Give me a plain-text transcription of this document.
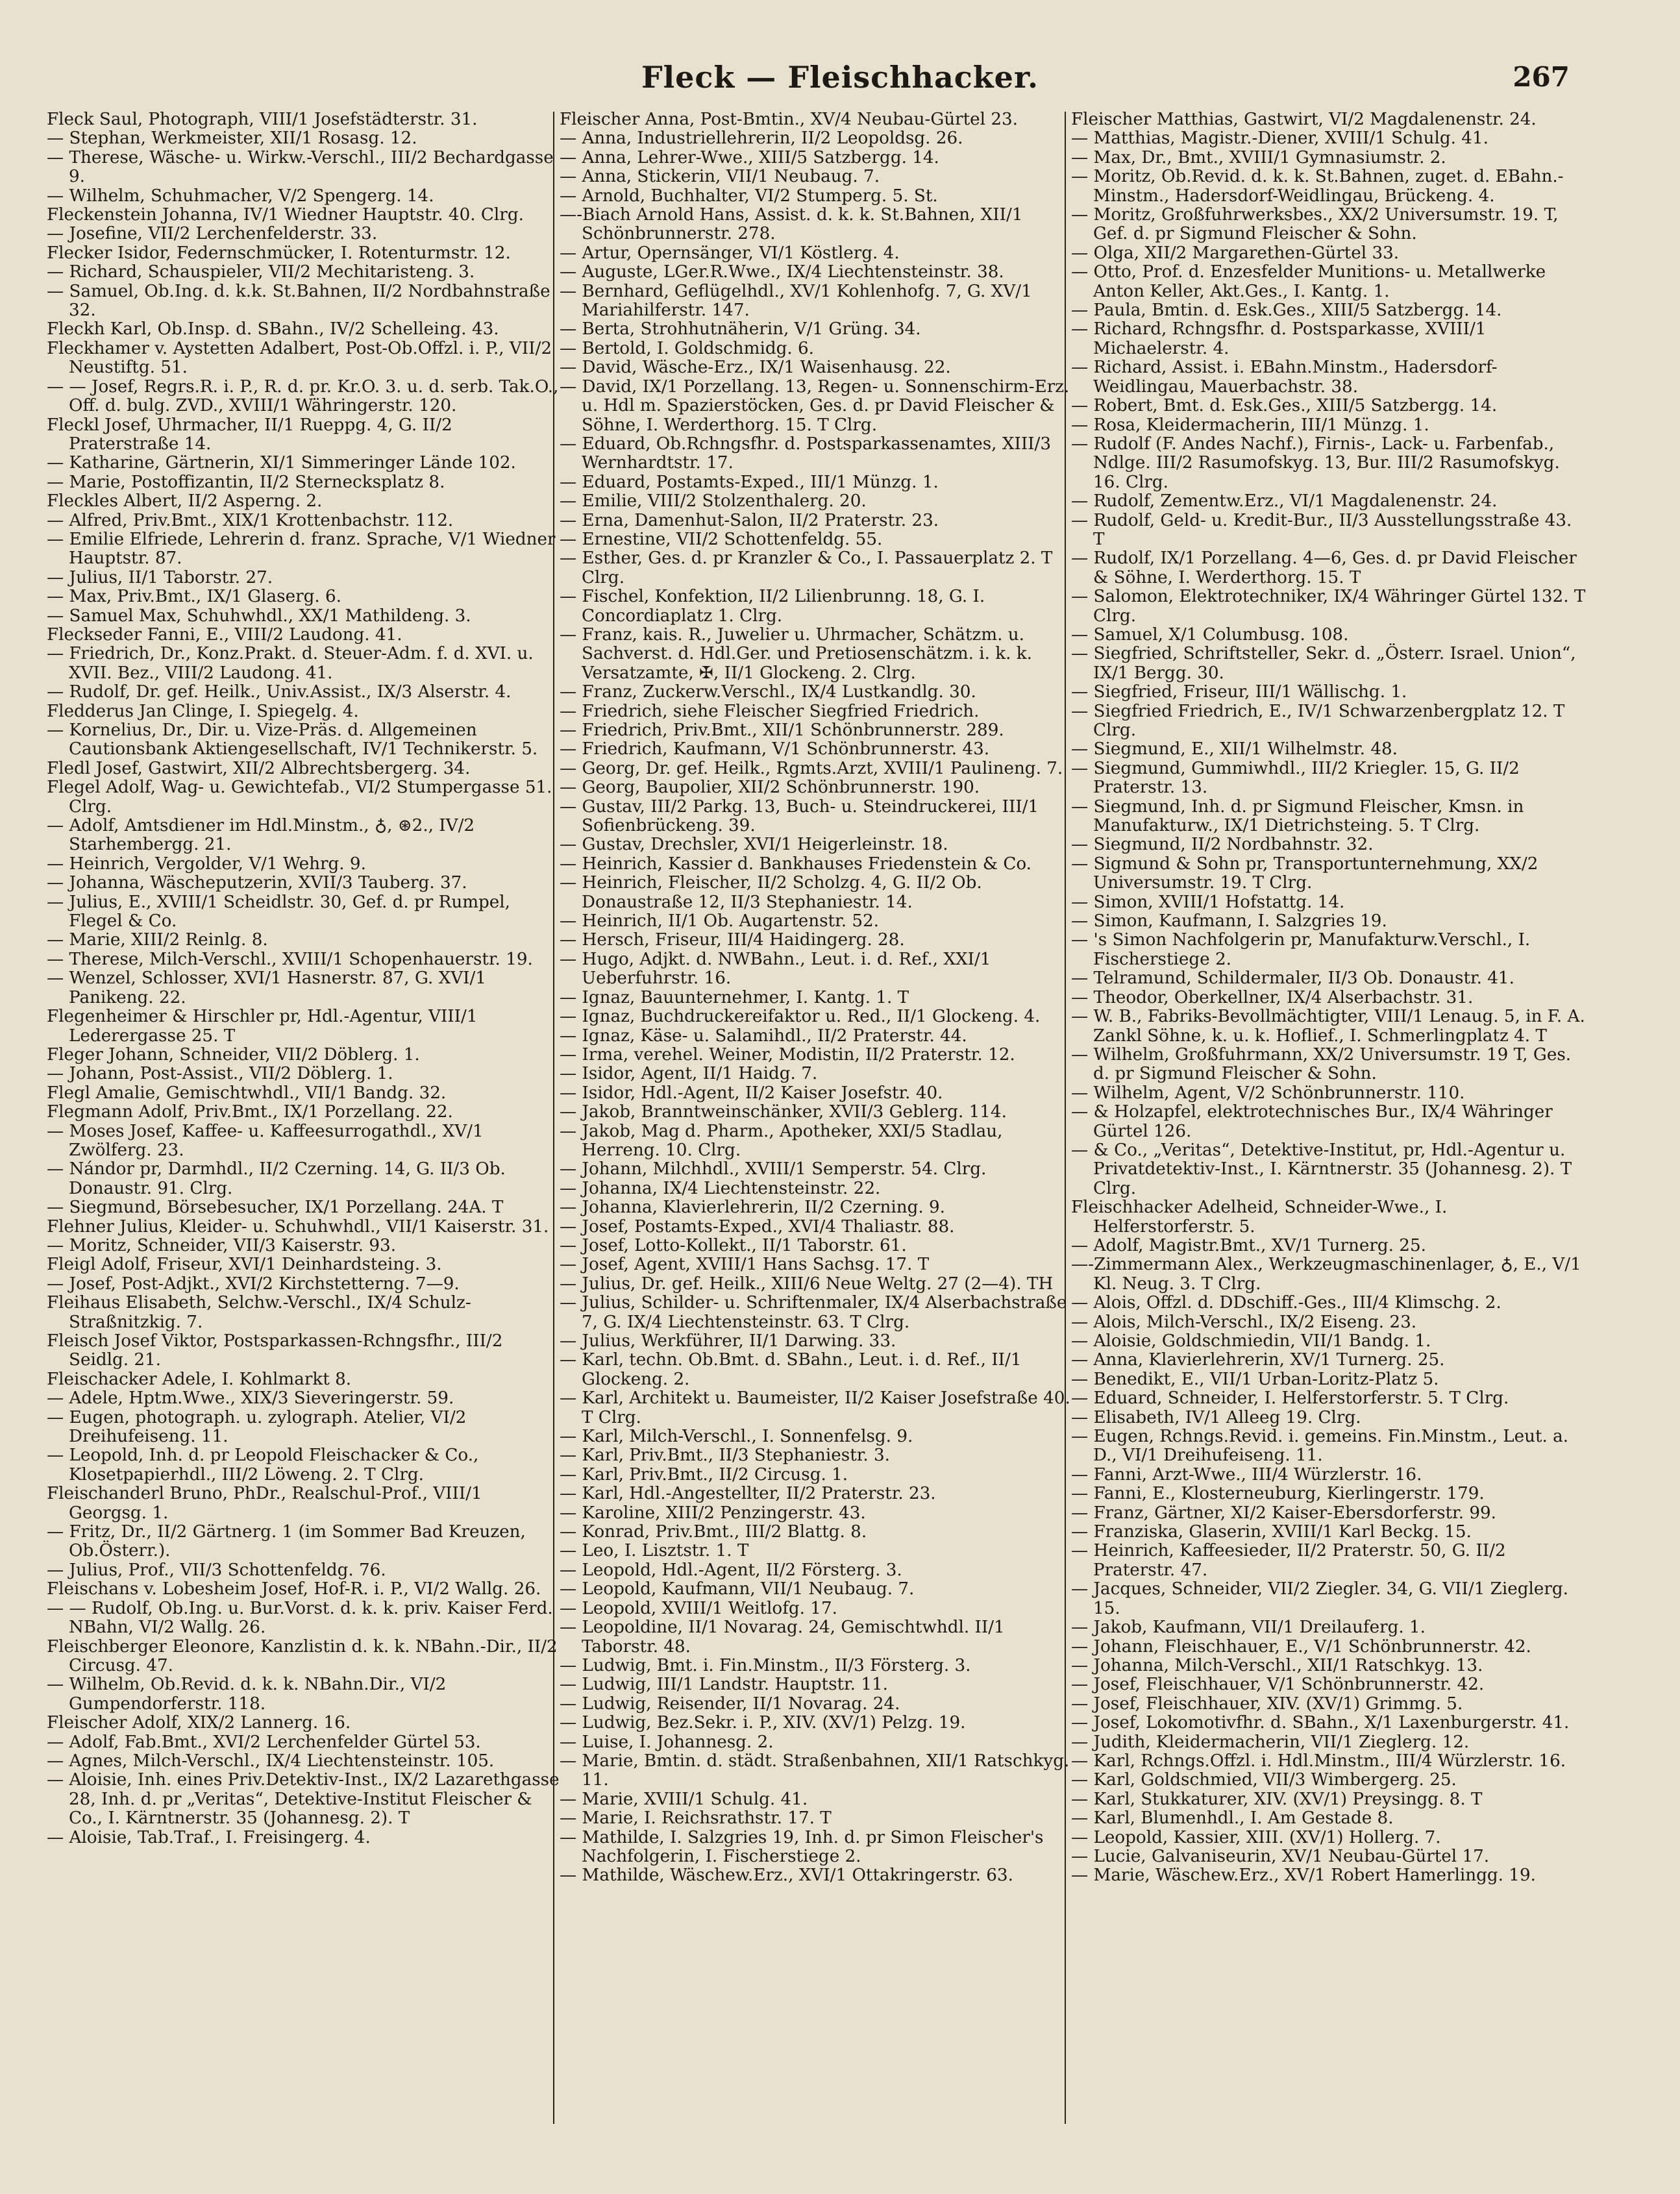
Fleck — Fleischhacker.	267
Fleck Saul, Photograph, VIII/1 Josefstädterstr. 31.
— Stephan, Werkmeister, XII/1 Rosasg. 12.
— Therese, Wäsche- u. Wirkw.-Verschl., III/2 Bechardgasse 9.
— Wilhelm, Schuhmacher, V/2 Spengerg. 14.
Fleckenstein Johanna, IV/1 Wiedner Hauptstr. 40. Clrg.
— Josefine, VII/2 Lerchenfelderstr. 33.
Flecker Isidor, Federnschmücker, I. Rotenturmstr. 12.
— Richard, Schauspieler, VII/2 Mechitaristeng. 3.
— Samuel, Ob.Ing. d. k.k. St.Bahnen, II/2 Nordbahnstraße 32.
Fleckh Karl, Ob.Insp. d. SBahn., IV/2 Schelleing. 43.
Fleckhamer v. Aystetten Adalbert, Post-Ob.Offzl. i. P., VII/2 Neustiftg. 51.
— — Josef, Regrs.R. i. P., R. d. pr. Kr.O. 3. u. d. serb. Tak.O., Off. d. bulg. ZVD., XVIII/1 Währingerstr. 120.
Fleckl Josef, Uhrmacher, II/1 Rueppg. 4, G. II/2 Praterstraße 14.
— Katharine, Gärtnerin, XI/1 Simmeringer Lände 102.
— Marie, Postoffizantin, II/2 Sternecksplatz 8.
Fleckles Albert, II/2 Asperng. 2.
— Alfred, Priv.Bmt., XIX/1 Krottenbachstr. 112.
— Emilie Elfriede, Lehrerin d. franz. Sprache, V/1 Wiedner Hauptstr. 87.
— Julius, II/1 Taborstr. 27.
— Max, Priv.Bmt., IX/1 Glaserg. 6.
— Samuel Max, Schuhwhdl., XX/1 Mathildeng. 3.
Fleckseder Fanni, E., VIII/2 Laudong. 41.
— Friedrich, Dr., Konz.Prakt. d. Steuer-Adm. f. d. XVI. u. XVII. Bez., VIII/2 Laudong. 41.
— Rudolf, Dr. gef. Heilk., Univ.Assist., IX/3 Alserstr. 4.
Fledderus Jan Clinge, I. Spiegelg. 4.
— Kornelius, Dr., Dir. u. Vize-Präs. d. Allgemeinen Cautionsbank Aktiengesellschaft, IV/1 Technikerstr. 5.
Fledl Josef, Gastwirt, XII/2 Albrechtsbergerg. 34.
Flegel Adolf, Wag- u. Gewichtefab., VI/2 Stumpergasse 51. Clrg.
— Adolf, Amtsdiener im Hdl.Minstm., ♁, ⊛2., IV/2 Starhembergg. 21.
— Heinrich, Vergolder, V/1 Wehrg. 9.
— Johanna, Wäscheputzerin, XVII/3 Tauberg. 37.
— Julius, E., XVIII/1 Scheidlstr. 30, Gef. d. pr Rumpel, Flegel & Co.
— Marie, XIII/2 Reinlg. 8.
— Therese, Milch-Verschl., XVIII/1 Schopenhauerstr. 19.
— Wenzel, Schlosser, XVI/1 Hasnerstr. 87, G. XVI/1 Panikeng. 22.
Flegenheimer & Hirschler pr, Hdl.-Agentur, VIII/1 Lederergasse 25. T
Fleger Johann, Schneider, VII/2 Döblerg. 1.
— Johann, Post-Assist., VII/2 Döblerg. 1.
Flegl Amalie, Gemischtwhdl., VII/1 Bandg. 32.
Flegmann Adolf, Priv.Bmt., IX/1 Porzellang. 22.
— Moses Josef, Kaffee- u. Kaffeesurrogathdl., XV/1 Zwölferg. 23.
— Nándor pr, Darmhdl., II/2 Czerning. 14, G. II/3 Ob. Donaustr. 91. Clrg.
— Siegmund, Börsebesucher, IX/1 Porzellang. 24A. T
Flehner Julius, Kleider- u. Schuhwhdl., VII/1 Kaiserstr. 31.
— Moritz, Schneider, VII/3 Kaiserstr. 93.
Fleigl Adolf, Friseur, XVI/1 Deinhardsteing. 3.
— Josef, Post-Adjkt., XVI/2 Kirchstetterng. 7—9.
Fleihaus Elisabeth, Selchw.-Verschl., IX/4 Schulz-Straßnitzkig. 7.
Fleisch Josef Viktor, Postsparkassen-Rchngsfhr., III/2 Seidlg. 21.
Fleischacker Adele, I. Kohlmarkt 8.
— Adele, Hptm.Wwe., XIX/3 Sieveringerstr. 59.
— Eugen, photograph. u. zylograph. Atelier, VI/2 Dreihufeiseng. 11.
— Leopold, Inh. d. pr Leopold Fleischacker & Co., Klosetpapierhdl., III/2 Löweng. 2. T Clrg.
Fleischanderl Bruno, PhDr., Realschul-Prof., VIII/1 Georgsg. 1.
— Fritz, Dr., II/2 Gärtnerg. 1 (im Sommer Bad Kreuzen, Ob.Österr.).
— Julius, Prof., VII/3 Schottenfeldg. 76.
Fleischans v. Lobesheim Josef, Hof-R. i. P., VI/2 Wallg. 26.
— — Rudolf, Ob.Ing. u. Bur.Vorst. d. k. k. priv. Kaiser Ferd. NBahn, VI/2 Wallg. 26.
Fleischberger Eleonore, Kanzlistin d. k. k. NBahn.-Dir., II/2 Circusg. 47.
— Wilhelm, Ob.Revid. d. k. k. NBahn.Dir., VI/2 Gumpendorferstr. 118.
Fleischer Adolf, XIX/2 Lannerg. 16.
— Adolf, Fab.Bmt., XVI/2 Lerchenfelder Gürtel 53.
— Agnes, Milch-Verschl., IX/4 Liechtensteinstr. 105.
— Aloisie, Inh. eines Priv.Detektiv-Inst., IX/2 Lazarethgasse 28, Inh. d. pr „Veritas“, Detektive-Institut Fleischer & Co., I. Kärntnerstr. 35 (Johannesg. 2). T
— Aloisie, Tab.Traf., I. Freisingerg. 4.
Fleischer Anna, Post-Bmtin., XV/4 Neubau-Gürtel 23.
— Anna, Industriellehrerin, II/2 Leopoldsg. 26.
— Anna, Lehrer-Wwe., XIII/5 Satzbergg. 14.
— Anna, Stickerin, VII/1 Neubaug. 7.
— Arnold, Buchhalter, VI/2 Stumperg. 5. St.
—-Biach Arnold Hans, Assist. d. k. k. St.Bahnen, XII/1 Schönbrunnerstr. 278.
— Artur, Opernsänger, VI/1 Köstlerg. 4.
— Auguste, LGer.R.Wwe., IX/4 Liechtensteinstr. 38.
— Bernhard, Geflügelhdl., XV/1 Kohlenhofg. 7, G. XV/1 Mariahilferstr. 147.
— Berta, Strohhutnäherin, V/1 Grüng. 34.
— Bertold, I. Goldschmidg. 6.
— David, Wäsche-Erz., IX/1 Waisenhausg. 22.
— David, IX/1 Porzellang. 13, Regen- u. Sonnenschirm-Erz. u. Hdl m. Spazierstöcken, Ges. d. pr David Fleischer & Söhne, I. Werderthorg. 15. T Clrg.
— Eduard, Ob.Rchngsfhr. d. Postsparkassenamtes, XIII/3 Wernhardtstr. 17.
— Eduard, Postamts-Exped., III/1 Münzg. 1.
— Emilie, VIII/2 Stolzenthalerg. 20.
— Erna, Damenhut-Salon, II/2 Praterstr. 23.
— Ernestine, VII/2 Schottenfeldg. 55.
— Esther, Ges. d. pr Kranzler & Co., I. Passauerplatz 2. T Clrg.
— Fischel, Konfektion, II/2 Lilienbrunng. 18, G. I. Concordiaplatz 1. Clrg.
— Franz, kais. R., Juwelier u. Uhrmacher, Schätzm. u. Sachverst. d. Hdl.Ger. und Pretiosenschätzm. i. k. k. Versatzamte, ✠, II/1 Glockeng. 2. Clrg.
— Franz, Zuckerw.Verschl., IX/4 Lustkandlg. 30.
— Friedrich, siehe Fleischer Siegfried Friedrich.
— Friedrich, Priv.Bmt., XII/1 Schönbrunnerstr. 289.
— Friedrich, Kaufmann, V/1 Schönbrunnerstr. 43.
— Georg, Dr. gef. Heilk., Rgmts.Arzt, XVIII/1 Paulineng. 7.
— Georg, Baupolier, XII/2 Schönbrunnerstr. 190.
— Gustav, III/2 Parkg. 13, Buch- u. Steindruckerei, III/1 Sofienbrückeng. 39.
— Gustav, Drechsler, XVI/1 Heigerleinstr. 18.
— Heinrich, Kassier d. Bankhauses Friedenstein & Co.
— Heinrich, Fleischer, II/2 Scholzg. 4, G. II/2 Ob. Donaustraße 12, II/3 Stephaniestr. 14.
— Heinrich, II/1 Ob. Augartenstr. 52.
— Hersch, Friseur, III/4 Haidingerg. 28.
— Hugo, Adjkt. d. NWBahn., Leut. i. d. Ref., XXI/1 Ueberfuhrstr. 16.
— Ignaz, Bauunternehmer, I. Kantg. 1. T
— Ignaz, Buchdruckereifaktor u. Red., II/1 Glockeng. 4.
— Ignaz, Käse- u. Salamihdl., II/2 Praterstr. 44.
— Irma, verehel. Weiner, Modistin, II/2 Praterstr. 12.
— Isidor, Agent, II/1 Haidg. 7.
— Isidor, Hdl.-Agent, II/2 Kaiser Josefstr. 40.
— Jakob, Branntweinschänker, XVII/3 Geblerg. 114.
— Jakob, Mag d. Pharm., Apotheker, XXI/5 Stadlau, Herreng. 10. Clrg.
— Johann, Milchhdl., XVIII/1 Semperstr. 54. Clrg.
— Johanna, IX/4 Liechtensteinstr. 22.
— Johanna, Klavierlehrerin, II/2 Czerning. 9.
— Josef, Postamts-Exped., XVI/4 Thaliastr. 88.
— Josef, Lotto-Kollekt., II/1 Taborstr. 61.
— Josef, Agent, XVIII/1 Hans Sachsg. 17. T
— Julius, Dr. gef. Heilk., XIII/6 Neue Weltg. 27 (2—4). TH
— Julius, Schilder- u. Schriftenmaler, IX/4 Alserbachstraße 7, G. IX/4 Liechtensteinstr. 63. T Clrg.
— Julius, Werkführer, II/1 Darwing. 33.
— Karl, techn. Ob.Bmt. d. SBahn., Leut. i. d. Ref., II/1 Glockeng. 2.
— Karl, Architekt u. Baumeister, II/2 Kaiser Josefstraße 40. T Clrg.
— Karl, Milch-Verschl., I. Sonnenfelsg. 9.
— Karl, Priv.Bmt., II/3 Stephaniestr. 3.
— Karl, Priv.Bmt., II/2 Circusg. 1.
— Karl, Hdl.-Angestellter, II/2 Praterstr. 23.
— Karoline, XIII/2 Penzingerstr. 43.
— Konrad, Priv.Bmt., III/2 Blattg. 8.
— Leo, I. Lisztstr. 1. T
— Leopold, Hdl.-Agent, II/2 Försterg. 3.
— Leopold, Kaufmann, VII/1 Neubaug. 7.
— Leopold, XVIII/1 Weitlofg. 17.
— Leopoldine, II/1 Novarag. 24, Gemischtwhdl. II/1 Taborstr. 48.
— Ludwig, Bmt. i. Fin.Minstm., II/3 Försterg. 3.
— Ludwig, III/1 Landstr. Hauptstr. 11.
— Ludwig, Reisender, II/1 Novarag. 24.
— Ludwig, Bez.Sekr. i. P., XIV. (XV/1) Pelzg. 19.
— Luise, I. Johannesg. 2.
— Marie, Bmtin. d. städt. Straßenbahnen, XII/1 Ratschkyg. 11.
— Marie, XVIII/1 Schulg. 41.
— Marie, I. Reichsrathstr. 17. T
— Mathilde, I. Salzgries 19, Inh. d. pr Simon Fleischer's Nachfolgerin, I. Fischerstiege 2.
— Mathilde, Wäschew.Erz., XVI/1 Ottakringerstr. 63.
Fleischer Matthias, Gastwirt, VI/2 Magdalenenstr. 24.
— Matthias, Magistr.-Diener, XVIII/1 Schulg. 41.
— Max, Dr., Bmt., XVIII/1 Gymnasiumstr. 2.
— Moritz, Ob.Revid. d. k. k. St.Bahnen, zuget. d. EBahn.-Minstm., Hadersdorf-Weidlingau, Brückeng. 4.
— Moritz, Großfuhrwerksbes., XX/2 Universumstr. 19. T, Gef. d. pr Sigmund Fleischer & Sohn.
— Olga, XII/2 Margarethen-Gürtel 33.
— Otto, Prof. d. Enzesfelder Munitions- u. Metallwerke Anton Keller, Akt.Ges., I. Kantg. 1.
— Paula, Bmtin. d. Esk.Ges., XIII/5 Satzbergg. 14.
— Richard, Rchngsfhr. d. Postsparkasse, XVIII/1 Michaelerstr. 4.
— Richard, Assist. i. EBahn.Minstm., Hadersdorf-Weidlingau, Mauerbachstr. 38.
— Robert, Bmt. d. Esk.Ges., XIII/5 Satzbergg. 14.
— Rosa, Kleidermacherin, III/1 Münzg. 1.
— Rudolf (F. Andes Nachf.), Firnis-, Lack- u. Farbenfab., Ndlge. III/2 Rasumofskyg. 13, Bur. III/2 Rasumofskyg. 16. Clrg.
— Rudolf, Zementw.Erz., VI/1 Magdalenenstr. 24.
— Rudolf, Geld- u. Kredit-Bur., II/3 Ausstellungsstraße 43. T
— Rudolf, IX/1 Porzellang. 4—6, Ges. d. pr David Fleischer & Söhne, I. Werderthorg. 15. T
— Salomon, Elektrotechniker, IX/4 Währinger Gürtel 132. T Clrg.
— Samuel, X/1 Columbusg. 108.
— Siegfried, Schriftsteller, Sekr. d. „Österr. Israel. Union“, IX/1 Bergg. 30.
— Siegfried, Friseur, III/1 Wällischg. 1.
— Siegfried Friedrich, E., IV/1 Schwarzenbergplatz 12. T Clrg.
— Siegmund, E., XII/1 Wilhelmstr. 48.
— Siegmund, Gummiwhdl., III/2 Kriegler. 15, G. II/2 Praterstr. 13.
— Siegmund, Inh. d. pr Sigmund Fleischer, Kmsn. in Manufakturw., IX/1 Dietrichsteing. 5. T Clrg.
— Siegmund, II/2 Nordbahnstr. 32.
— Sigmund & Sohn pr, Transportunternehmung, XX/2 Universumstr. 19. T Clrg.
— Simon, XVIII/1 Hofstattg. 14.
— Simon, Kaufmann, I. Salzgries 19.
— 's Simon Nachfolgerin pr, Manufakturw.Verschl., I. Fischerstiege 2.
— Telramund, Schildermaler, II/3 Ob. Donaustr. 41.
— Theodor, Oberkellner, IX/4 Alserbachstr. 31.
— W. B., Fabriks-Bevollmächtigter, VIII/1 Lenaug. 5, in F. A. Zankl Söhne, k. u. k. Hoflief., I. Schmerlingplatz 4. T
— Wilhelm, Großfuhrmann, XX/2 Universumstr. 19 T, Ges. d. pr Sigmund Fleischer & Sohn.
— Wilhelm, Agent, V/2 Schönbrunnerstr. 110.
— & Holzapfel, elektrotechnisches Bur., IX/4 Währinger Gürtel 126.
— & Co., „Veritas“, Detektive-Institut, pr, Hdl.-Agentur u. Privatdetektiv-Inst., I. Kärntnerstr. 35 (Johannesg. 2). T Clrg.
Fleischhacker Adelheid, Schneider-Wwe., I. Helferstorferstr. 5.
— Adolf, Magistr.Bmt., XV/1 Turnerg. 25.
—-Zimmermann Alex., Werkzeugmaschinenlager, ♁, E., V/1 Kl. Neug. 3. T Clrg.
— Alois, Offzl. d. DDschiff.-Ges., III/4 Klimschg. 2.
— Alois, Milch-Verschl., IX/2 Eiseng. 23.
— Aloisie, Goldschmiedin, VII/1 Bandg. 1.
— Anna, Klavierlehrerin, XV/1 Turnerg. 25.
— Benedikt, E., VII/1 Urban-Loritz-Platz 5.
— Eduard, Schneider, I. Helferstorferstr. 5. T Clrg.
— Elisabeth, IV/1 Alleeg 19. Clrg.
— Eugen, Rchngs.Revid. i. gemeins. Fin.Minstm., Leut. a. D., VI/1 Dreihufeiseng. 11.
— Fanni, Arzt-Wwe., III/4 Würzlerstr. 16.
— Fanni, E., Klosterneuburg, Kierlingerstr. 179.
— Franz, Gärtner, XI/2 Kaiser-Ebersdorferstr. 99.
— Franziska, Glaserin, XVIII/1 Karl Beckg. 15.
— Heinrich, Kaffeesieder, II/2 Praterstr. 50, G. II/2 Praterstr. 47.
— Jacques, Schneider, VII/2 Ziegler. 34, G. VII/1 Zieglerg. 15.
— Jakob, Kaufmann, VII/1 Dreilauferg. 1.
— Johann, Fleischhauer, E., V/1 Schönbrunnerstr. 42.
— Johanna, Milch-Verschl., XII/1 Ratschkyg. 13.
— Josef, Fleischhauer, V/1 Schönbrunnerstr. 42.
— Josef, Fleischhauer, XIV. (XV/1) Grimmg. 5.
— Josef, Lokomotivfhr. d. SBahn., X/1 Laxenburgerstr. 41.
— Judith, Kleidermacherin, VII/1 Zieglerg. 12.
— Karl, Rchngs.Offzl. i. Hdl.Minstm., III/4 Würzlerstr. 16.
— Karl, Goldschmied, VII/3 Wimbergerg. 25.
— Karl, Stukkaturer, XIV. (XV/1) Preysingg. 8. T
— Karl, Blumenhdl., I. Am Gestade 8.
— Leopold, Kassier, XIII. (XV/1) Hollerg. 7.
— Lucie, Galvaniseurin, XV/1 Neubau-Gürtel 17.
— Marie, Wäschew.Erz., XV/1 Robert Hamerlingg. 19.
